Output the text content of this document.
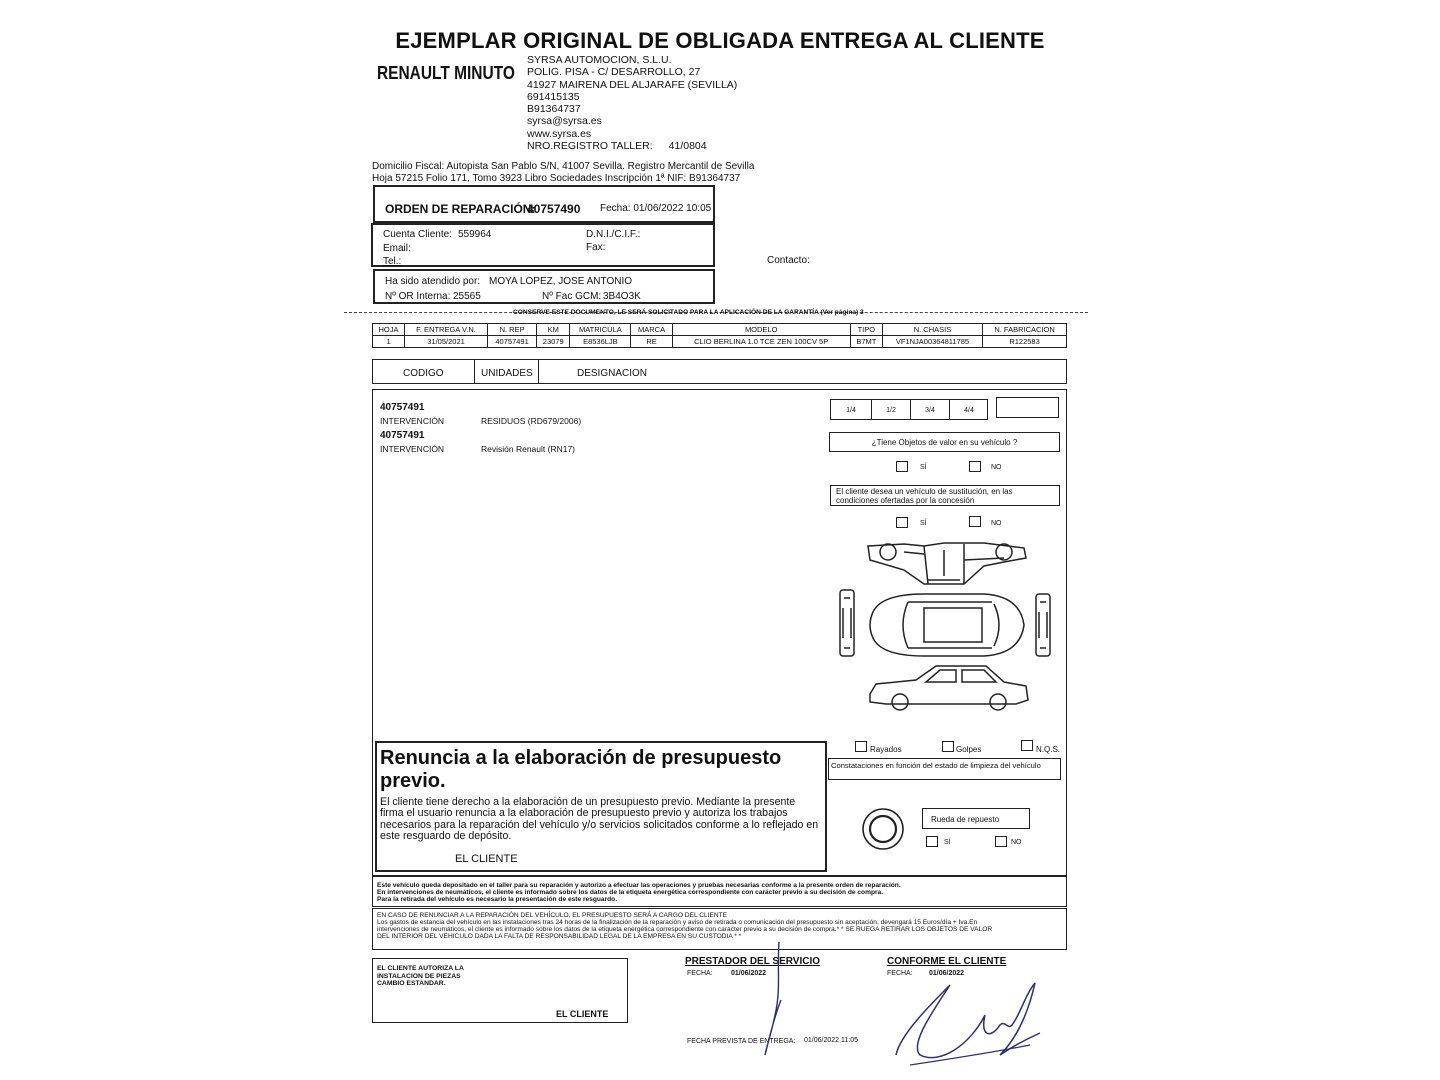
EJEMPLAR ORIGINAL DE OBLIGADA ENTREGA AL CLIENTE
RENAULT MINUTO
SYRSA AUTOMOCION, S.L.U.
POLIG. PISA - C/ DESARROLLO, 27
41927 MAIRENA DEL ALJARAFE (SEVILLA)
691415135
B91364737
syrsa@syrsa.es
www.syrsa.es
NRO.REGISTRO TALLER: 41/0804
Domicilio Fiscal: Autopista San Pablo S/N, 41007 Sevilla. Registro Mercantil de Sevilla
Hoja 57215 Folio 171, Tomo 3923 Libro Sociedades Inscripción 1ª NIF: B91364737
ORDEN DE REPARACIÓN:
40757490 Fecha: 01/06/2022 10:05
Cuenta Cliente: 559964	D.N.I./C.I.F.:
Email:	Fax:
Tel.:	Contacto:
Ha sido atendido por: MOYA LOPEZ, JOSE ANTONIO
Nº OR Interna: 25565	Nº Fac GCM: 3B4O3K
CONSERVE ESTE DOCUMENTO, LE SERÁ SOLICITADO PARA LA APLICACIÓN DE LA GARANTÍA (Ver página) 3
HOJA	F. ENTREGA V.N.	N. REP	KM	MATRICULA	MARCA	MODELO	TIPO	N. CHASIS	N. FABRICACION
1	31/05/2021	40757491	23079	E8536LJB	RE	CLIO BERLINA 1.0 TCE ZEN 100CV 5P	B7MT	VF1NJA00364811785	R122583
CODIGO	UNIDADES	DESIGNACION
40757491
INTERVENCIÓN	RESIDUOS (RD679/2006)
40757491
INTERVENCIÓN	Revisión Renault (RN17)
1/4	1/2	3/4	4/4
¿Tiene Objetos de valor en su vehículo ?
SÍ	NO
El cliente desea un vehículo de sustitución, en las condiciones ofertadas por la concesión
SÍ	NO
Rayados	Golpes	N.Q.S.
Constataciones en función del estado de limpieza del vehículo
Rueda de repuesto
SÍ	NO
Renuncia a la elaboración de presupuesto previo.
El cliente tiene derecho a la elaboración de un presupuesto previo. Mediante la presente firma el usuario renuncia a la elaboración de presupuesto previo y autoriza los trabajos necesarios para la reparación del vehículo y/o servicios solicitados conforme a lo reflejado en este resguardo de depósito.
EL CLIENTE
Este vehículo queda depositado en el taller para su reparación y autorizo a efectuar las operaciones y pruebas necesarias conforme a la presente orden de reparación.
En intervenciones de neumáticos, el cliente es informado sobre los datos de la etiqueta energética correspondiente con carácter previo a su decisión de compra.
Para la retirada del vehículo es necesario la presentación de este resguardo.
EN CASO DE RENUNCIAR A LA REPARACIÓN DEL VEHÍCULO, EL PRESUPUESTO SERÁ A CARGO DEL CLIENTE
Los gastos de estancia del vehículo en las instalaciones tras 24 horas de la finalización de la reparación y aviso de retirada o comunicación del presupuesto sin aceptación, devengará 15 Euros/día + Iva.En
intervenciones de neumáticos, el cliente es informado sobre los datos de la etiqueta energética correspondiente con carácter previo a su decisión de compra.* * SE RUEGA RETIRAR LOS OBJETOS DE VALOR
DEL INTERIOR DEL VEHICULO DADA LA FALTA DE RESPONSABILIDAD LEGAL DE LA EMPRESA EN SU CUSTODIA * *
EL CLIENTE AUTORIZA LA INSTALACION DE PIEZAS CAMBIO ESTANDAR.
EL CLIENTE
PRESTADOR DEL SERVICIO
FECHA:	01/06/2022
CONFORME EL CLIENTE
FECHA: 01/06/2022
FECHA PREVISTA DE ENTREGA: 01/06/2022 11:05
